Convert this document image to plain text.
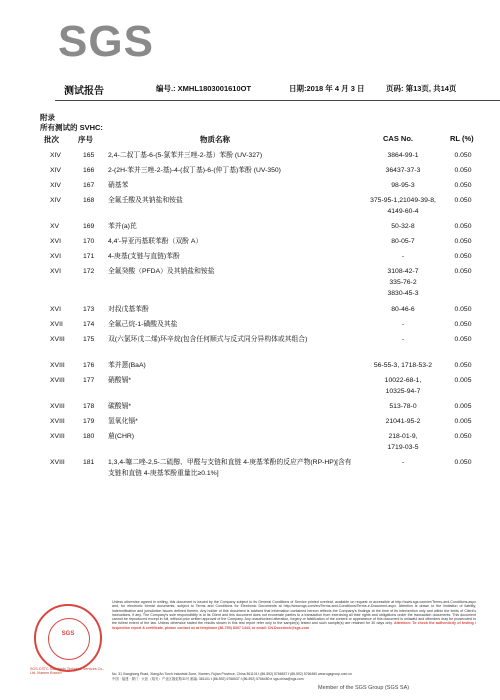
SGS
测试报告	编号.: XMHL1803001610OT	日期:2018 年 4 月 3 日	页码: 第13页, 共14页
附录
所有测试的 SVHC:
批次	序号	物质名称	CAS No.	RL (%)
XIV	165 2,4-二叔丁基-6-(5-氯苯并三唑-2-基）苯酚 (UV-327)	3864-99-1	0.050
XIV	166 2-(2H-苯并三唑-2-基)-4-(叔丁基)-6-(仲丁基)苯酚 (UV-350)	36437-37-3	0.050
XIV	167 硝基苯	98-95-3	0.050
XIV	168 全氟壬酸及其钠盐和铵盐	375-95-1,21049-39-8,
4149-60-4
0.050
XV	169 苯并(a)芘	50-32-8	0.050
XVI	170 4,4'-异亚丙基联苯酚（双酚 A）	80-05-7	0.050
XVI	171 4-庚基(支链与直链)苯酚	-	0.050
XVI	172 全氟癸酸（PFDA）及其钠盐和铵盐	3108-42-7
335-76-2
3830-45-3
0.050
XVI	173 对叔戊基苯酚	80-46-6	0.050
XVII	174 全氟己烷-1-磺酸及其盐	-	0.050
XVIII	175 双(六氯环戊二烯)环辛烷(包含任何顺式与反式同分异构体或其组合)	-	0.050
XVIII	176 苯并蒽(BaA)	56-55-3, 1718-53-2	0.050
XVIII	177 硝酸镉*	10022-68-1,
10325-94-7
0.005
XVIII	178 碳酸镉*	513-78-0	0.005
XVIII	179 氢氧化镉*	21041-95-2	0.005
XVIII	180 䓛(CHR)	218-01-9,
1719-03-5
0.050
XVIII	181 1,3,4-噻二唑-2,5-二硫醇、甲醛与支链和直链 4-庚基苯酚的反应产物(RP-HP)[含有支链和直链 4-庚基苯酚重量比≥0.1%]
-	0.050
SGS
SGS-CSTC Standards Technical Services Co., Ltd. Xiamen Branch
Unless otherwise agreed in writing, this document is issued by the Company subject to its General Conditions of Service printed overleaf, available on request or accessible at http://www.sgs.com/en/Terms-and-Conditions.aspx and, for electronic format documents, subject to Terms and Conditions for Electronic Documents at http://www.sgs.com/en/Terms-and-Conditions/Terms-e-Document.aspx. Attention is drawn to the limitation of liability, indemnification and jurisdiction issues defined therein. Any holder of this document is advised that information contained hereon reflects the Company's findings at the time of its intervention only and within the limits of Client's instructions, if any. The Company's sole responsibility is to its Client and this document does not exonerate parties to a transaction from exercising all their rights and obligations under the transaction documents. This document cannot be reproduced except in full, without prior written approval of the Company. Any unauthorized alteration, forgery or falsification of the content or appearance of this document is unlawful and offenders may be prosecuted to the fullest extent of the law. Unless otherwise stated the results shown in this test report refer only to the sample(s) tested and such sample(s) are retained for 30 days only. Attention: To check the authenticity of testing / inspection report & certificate, please contact us at telephone (86-755) 8307 1443, or email: CN.Doccheck@sgs.com
No. 31 Xianghong Road, Xiang'An Torch Industrial Zone, Xiamen, Fujian Province, China 361101 t (86-592) 5766537 f (86-592) 5766480 www.sgsgroup.com.cn
中国 · 福建 · 厦门 · 火炬（翔安）产业区翔虹路31号 邮编: 361101 t (86-592) 5766537 f (86-592) 5766480 e sgs.china@sgs.com
Member of the SGS Group (SGS SA)
